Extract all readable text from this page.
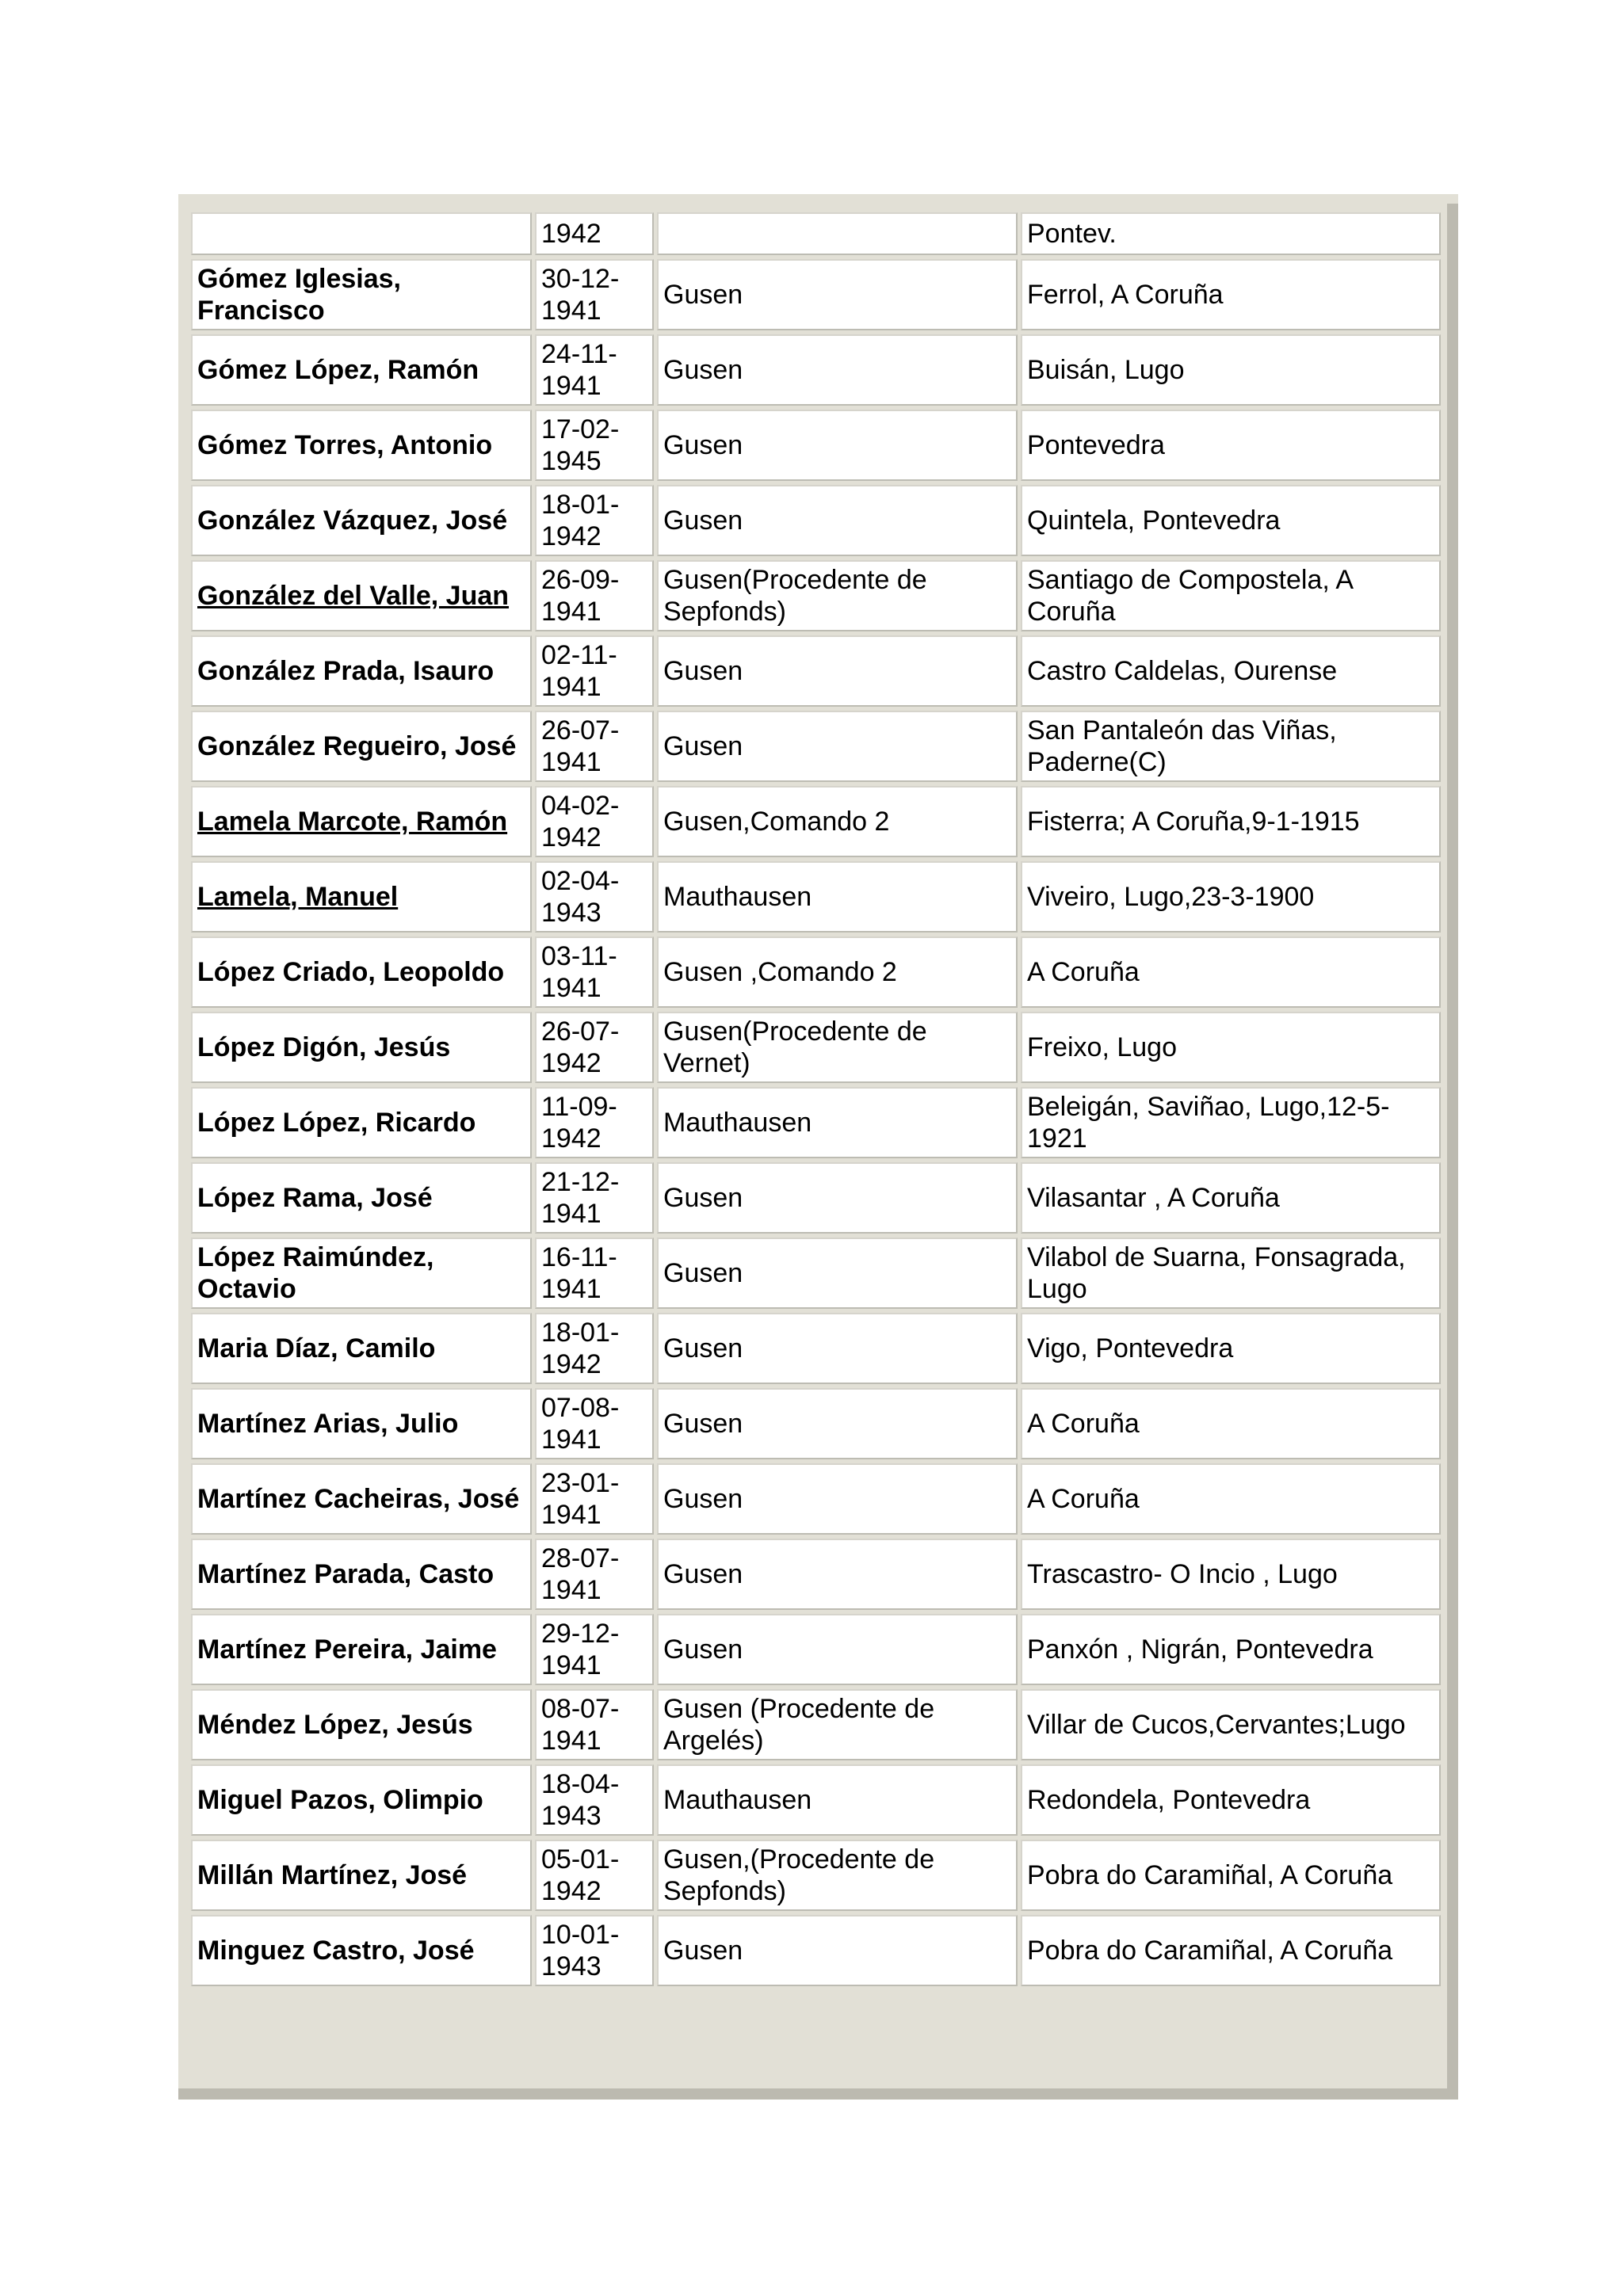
	1942		Pontev.
Gómez Iglesias, Francisco	30-12-1941	Gusen	Ferrol, A Coruña
Gómez López, Ramón	24-11-1941	Gusen	Buisán, Lugo
Gómez Torres, Antonio	17-02-1945	Gusen	Pontevedra
González Vázquez, José	18-01-1942	Gusen	Quintela, Pontevedra
González del Valle, Juan	26-09-1941	Gusen(Procedente de Sepfonds)	Santiago de Compostela, A Coruña
González Prada, Isauro	02-11-1941	Gusen	Castro Caldelas, Ourense
González Regueiro, José	26-07-1941	Gusen	San Pantaleón das Viñas, Paderne(C)
Lamela Marcote, Ramón	04-02-1942	Gusen,Comando 2	Fisterra; A Coruña,9-1-1915
Lamela, Manuel	02-04-1943	Mauthausen	Viveiro, Lugo,23-3-1900
López Criado, Leopoldo	03-11-1941	Gusen ,Comando 2	A Coruña
López Digón, Jesús	26-07-1942	Gusen(Procedente de Vernet)	Freixo, Lugo
López López, Ricardo	11-09-1942	Mauthausen	Beleigán, Saviñao, Lugo,12-5-1921
López Rama, José	21-12-1941	Gusen	Vilasantar , A Coruña
López Raimúndez, Octavio	16-11-1941	Gusen	Vilabol de Suarna, Fonsagrada, Lugo
Maria Díaz, Camilo	18-01-1942	Gusen	Vigo, Pontevedra
Martínez Arias, Julio	07-08-1941	Gusen	A Coruña
Martínez Cacheiras, José	23-01-1941	Gusen	A Coruña
Martínez Parada, Casto	28-07-1941	Gusen	Trascastro- O Incio , Lugo
Martínez Pereira, Jaime	29-12-1941	Gusen	Panxón , Nigrán, Pontevedra
Méndez López, Jesús	08-07-1941	Gusen (Procedente de Argelés)	Villar de Cucos,Cervantes;Lugo
Miguel Pazos, Olimpio	18-04-1943	Mauthausen	Redondela, Pontevedra
Millán Martínez, José	05-01-1942	Gusen,(Procedente de Sepfonds)	Pobra do Caramiñal, A Coruña
Minguez Castro, José	10-01-1943	Gusen	Pobra do Caramiñal, A Coruña
